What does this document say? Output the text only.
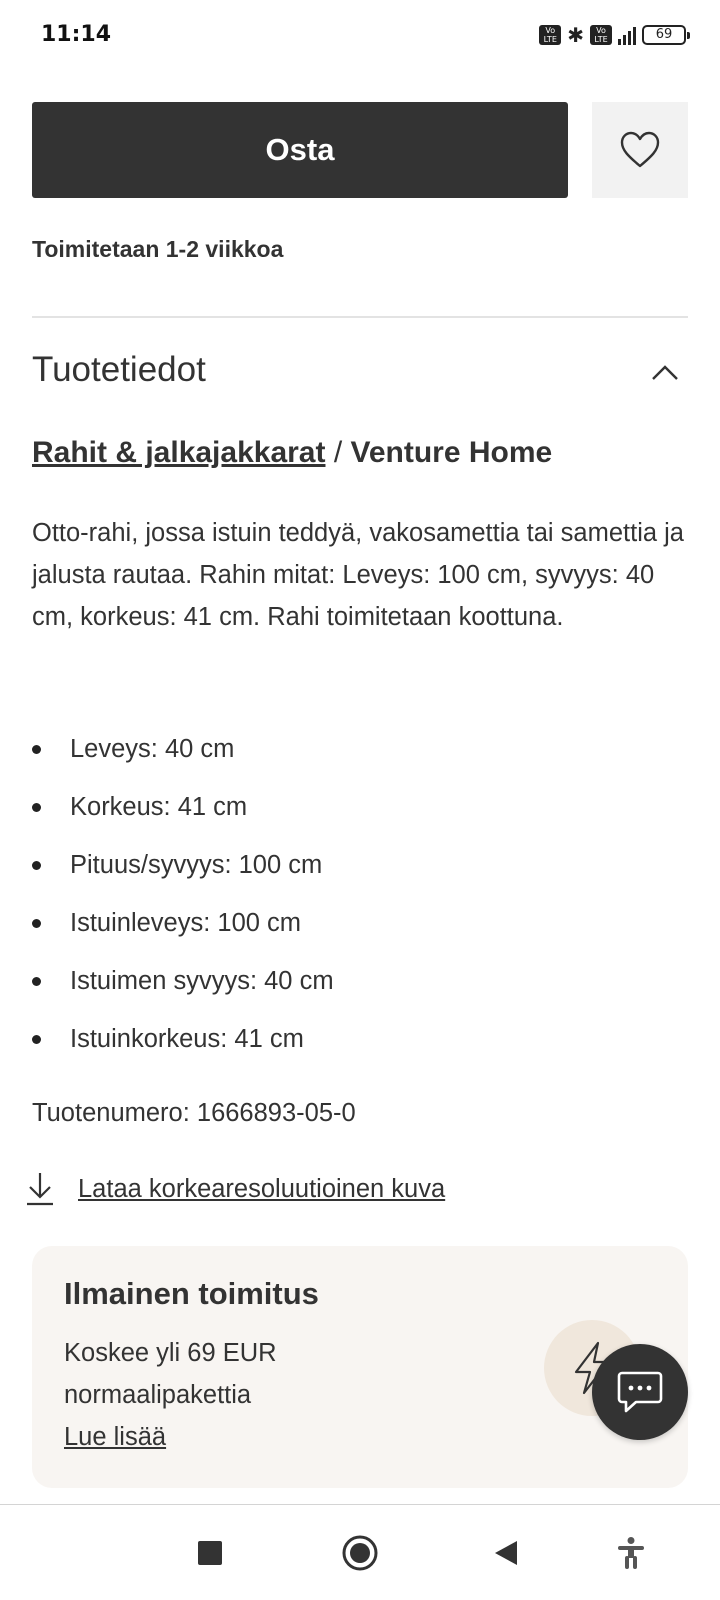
11:14	Vo LTE ✱	Vo LTE	69
Osta
Toimitetaan 1-2 viikkoa
Tuotetiedot
Rahit & jalkajakkarat / Venture Home

Otto-rahi, jossa istuin teddyä, vakosamettia tai samettia ja jalusta rautaa. Rahin mitat: Leveys: 100 cm, syvyys: 40 cm, korkeus: 41 cm. Rahi toimitetaan koottuna.

Leveys: 40 cm
Korkeus: 41 cm
Pituus/syvyys: 100 cm
Istuinleveys: 100 cm
Istuimen syvyys: 40 cm
Istuinkorkeus: 41 cm
Tuotenumero: 1666893-05-0
Lataa korkearesoluutioinen kuva
Ilmainen toimitus
Koskee yli 69 EUR normaalipakettia
Lue lisää
